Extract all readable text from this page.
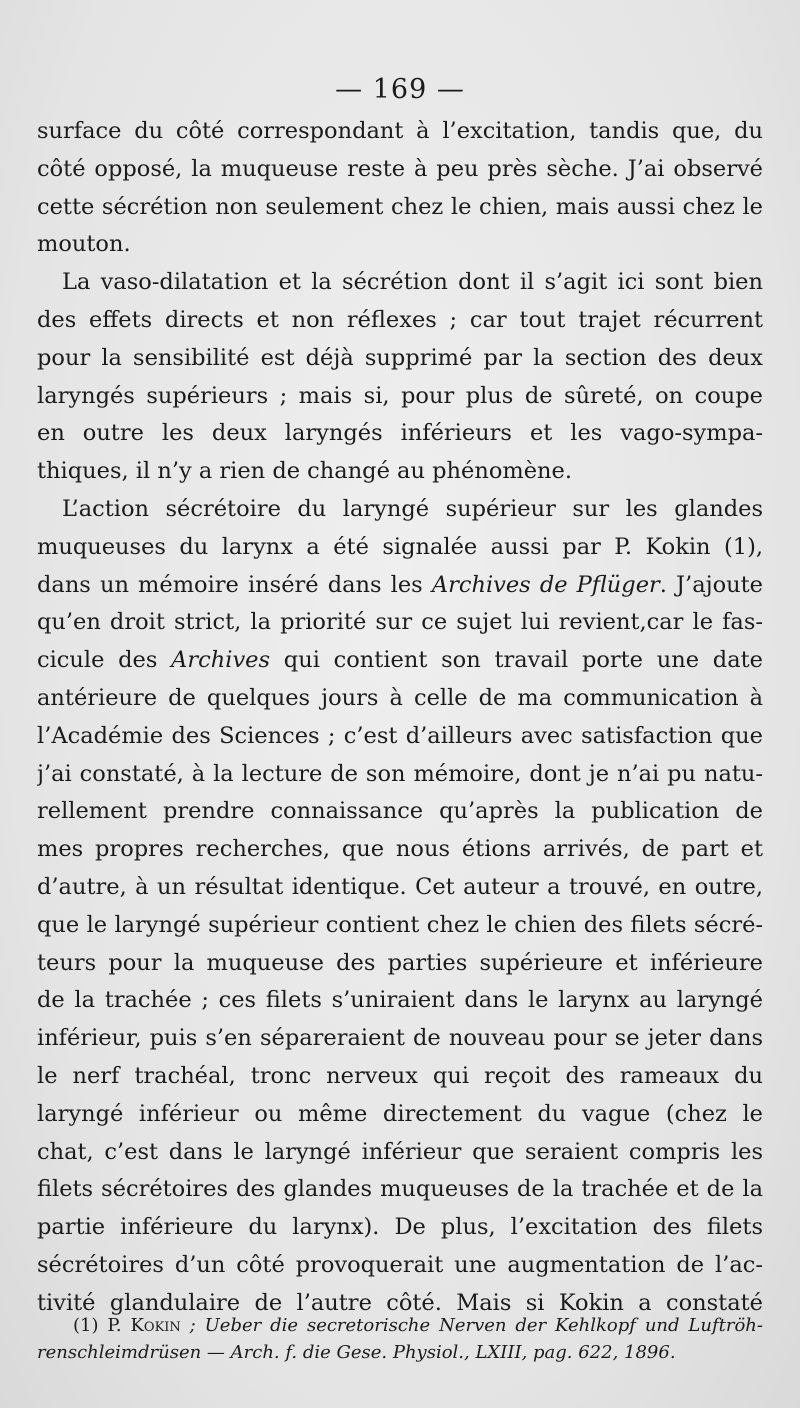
— 169 —
surface du côté correspondant à l’excitation, tandis que, du
côté opposé, la muqueuse reste à peu près sèche. J’ai observé
cette sécrétion non seulement chez le chien, mais aussi chez le
mouton.
La vaso-dilatation et la sécrétion dont il s’agit ici sont bien
des effets directs et non réflexes ; car tout trajet récurrent
pour la sensibilité est déjà supprimé par la section des deux
laryngés supérieurs ; mais si, pour plus de sûreté, on coupe
en outre les deux laryngés inférieurs et les vago-sympa-
thiques, il n’y a rien de changé au phénomène.
L’action sécrétoire du laryngé supérieur sur les glandes
muqueuses du larynx a été signalée aussi par P. Kokin (1),
dans un mémoire inséré dans les Archives de Pflüger. J’ajoute
qu’en droit strict, la priorité sur ce sujet lui revient,car le fas-
cicule des Archives qui contient son travail porte une date
antérieure de quelques jours à celle de ma communication à
l’Académie des Sciences ; c’est d’ailleurs avec satisfaction que
j’ai constaté, à la lecture de son mémoire, dont je n’ai pu natu-
rellement prendre connaissance qu’après la publication de
mes propres recherches, que nous étions arrivés, de part et
d’autre, à un résultat identique. Cet auteur a trouvé, en outre,
que le laryngé supérieur contient chez le chien des filets sécré-
teurs pour la muqueuse des parties supérieure et inférieure
de la trachée ; ces filets s’uniraient dans le larynx au laryngé
inférieur, puis s’en sépareraient de nouveau pour se jeter dans
le nerf trachéal, tronc nerveux qui reçoit des rameaux du
laryngé inférieur ou même directement du vague (chez le
chat, c’est dans le laryngé inférieur que seraient compris les
filets sécrétoires des glandes muqueuses de la trachée et de la
partie inférieure du larynx). De plus, l’excitation des filets
sécrétoires d’un côté provoquerait une augmentation de l’ac-
tivité glandulaire de l’autre côté. Mais si Kokin a constaté
(1) P. Kokin ; Ueber die secretorische Nerven der Kehlkopf und Luftröh-
renschleimdrüsen — Arch. f. die Gese. Physiol., LXIII, pag. 622, 1896.
